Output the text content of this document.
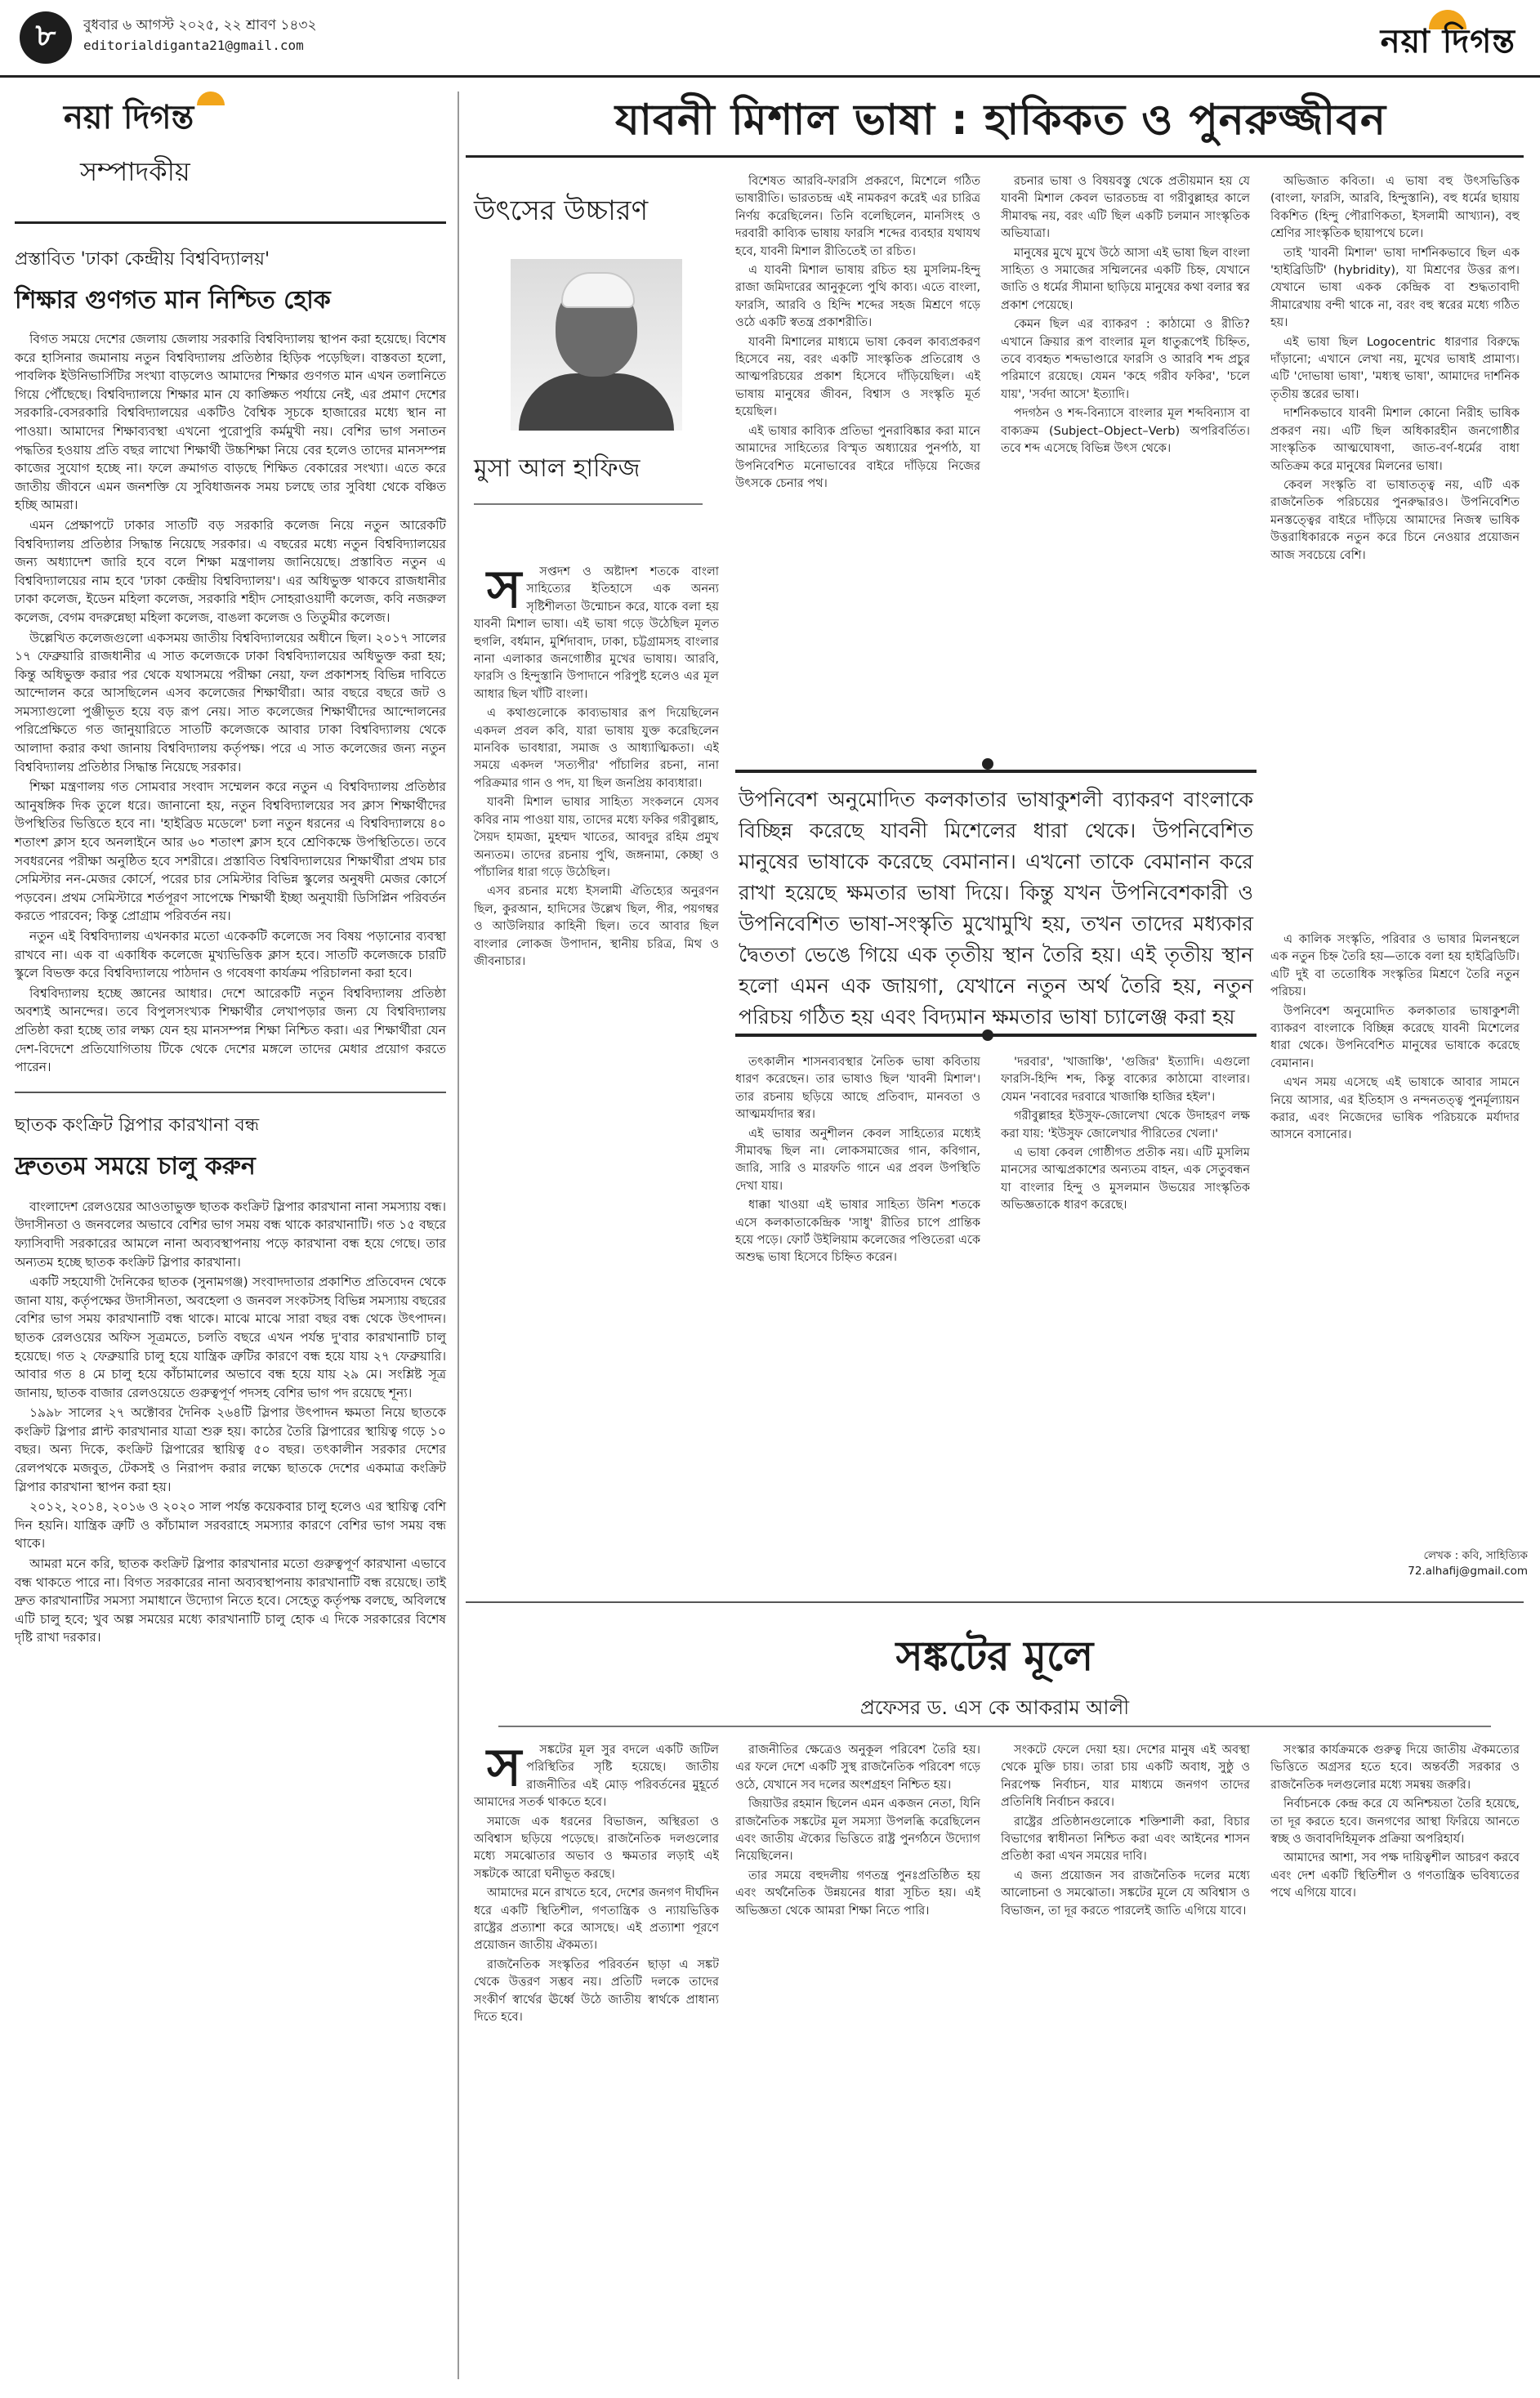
৮	বুধবার ৬ আগস্ট ২০২৫, ২২ শ্রাবণ ১৪৩২
editorialdiganta21@gmail.com	নয়া দিগন্ত
নয়া দিগন্ত
সম্পাদকীয়
প্রস্তাবিত 'ঢাকা কেন্দ্রীয় বিশ্ববিদ্যালয়'
শিক্ষার গুণগত মান নিশ্চিত হোক

বিগত সময়ে দেশের জেলায় জেলায় সরকারি বিশ্ববিদ্যালয় স্থাপন করা হয়েছে। বিশেষ করে হাসিনার জমানায় নতুন বিশ্ববিদ্যালয় প্রতিষ্ঠার হিড়িক পড়েছিল। বাস্তবতা হলো, পাবলিক ইউনিভার্সিটির সংখ্যা বাড়লেও আমাদের শিক্ষার গুণগত মান এখন তলানিতে গিয়ে পৌঁছেছে। বিশ্ববিদ্যালয়ে শিক্ষার মান যে কাঙ্ক্ষিত পর্যায়ে নেই, এর প্রমাণ দেশের সরকারি-বেসরকারি বিশ্ববিদ্যালয়ের একটিও বৈশ্বিক সূচকে হাজারের মধ্যে স্থান না পাওয়া। আমাদের শিক্ষাব্যবস্থা এখনো পুরোপুরি কর্মমুখী নয়। বেশির ভাগ সনাতন পদ্ধতির হওয়ায় প্রতি বছর লাখো শিক্ষার্থী উচ্চশিক্ষা নিয়ে বের হলেও তাদের মানসম্পন্ন কাজের সুযোগ হচ্ছে না। ফলে ক্রমাগত বাড়ছে শিক্ষিত বেকারের সংখ্যা। এতে করে জাতীয় জীবনে এমন জনশক্তি যে সুবিধাজনক সময় চলছে তার সুবিধা থেকে বঞ্চিত হচ্ছি আমরা।

এমন প্রেক্ষাপটে ঢাকার সাতটি বড় সরকারি কলেজ নিয়ে নতুন আরেকটি বিশ্ববিদ্যালয় প্রতিষ্ঠার সিদ্ধান্ত নিয়েছে সরকার। এ বছরের মধ্যে নতুন বিশ্ববিদ্যালয়ের জন্য অধ্যাদেশ জারি হবে বলে শিক্ষা মন্ত্রণালয় জানিয়েছে। প্রস্তাবিত নতুন এ বিশ্ববিদ্যালয়ের নাম হবে 'ঢাকা কেন্দ্রীয় বিশ্ববিদ্যালয়'। এর অধিভুক্ত থাকবে রাজধানীর ঢাকা কলেজ, ইডেন মহিলা কলেজ, সরকারি শহীদ সোহরাওয়ার্দী কলেজ, কবি নজরুল কলেজ, বেগম বদরুন্নেছা মহিলা কলেজ, বাঙলা কলেজ ও তিতুমীর কলেজ।

উল্লেখিত কলেজগুলো একসময় জাতীয় বিশ্ববিদ্যালয়ের অধীনে ছিল। ২০১৭ সালের ১৭ ফেব্রুয়ারি রাজধানীর এ সাত কলেজকে ঢাকা বিশ্ববিদ্যালয়ের অধিভুক্ত করা হয়; কিন্তু অধিভুক্ত করার পর থেকে যথাসময়ে পরীক্ষা নেয়া, ফল প্রকাশসহ বিভিন্ন দাবিতে আন্দোলন করে আসছিলেন এসব কলেজের শিক্ষার্থীরা। আর বছরে বছরে জট ও সমস্যাগুলো পুঞ্জীভূত হয়ে বড় রূপ নেয়। সাত কলেজের শিক্ষার্থীদের আন্দোলনের পরিপ্রেক্ষিতে গত জানুয়ারিতে সাতটি কলেজকে আবার ঢাকা বিশ্ববিদ্যালয় থেকে আলাদা করার কথা জানায় বিশ্ববিদ্যালয় কর্তৃপক্ষ। পরে এ সাত কলেজের জন্য নতুন বিশ্ববিদ্যালয় প্রতিষ্ঠার সিদ্ধান্ত নিয়েছে সরকার।

শিক্ষা মন্ত্রণালয় গত সোমবার সংবাদ সম্মেলন করে নতুন এ বিশ্ববিদ্যালয় প্রতিষ্ঠার আনুষঙ্গিক দিক তুলে ধরে। জানানো হয়, নতুন বিশ্ববিদ্যালয়ের সব ক্লাস শিক্ষার্থীদের উপস্থিতির ভিত্তিতে হবে না। 'হাইব্রিড মডেলে' চলা নতুন ধরনের এ বিশ্ববিদ্যালয়ে ৪০ শতাংশ ক্লাস হবে অনলাইনে আর ৬০ শতাংশ ক্লাস হবে শ্রেণিকক্ষে উপস্থিতিতে। তবে সবধরনের পরীক্ষা অনুষ্ঠিত হবে সশরীরে। প্রস্তাবিত বিশ্ববিদ্যালয়ের শিক্ষার্থীরা প্রথম চার সেমিস্টার নন-মেজর কোর্সে, পরের চার সেমিস্টার বিভিন্ন স্কুলের অনুষদী মেজর কোর্সে পড়বেন। প্রথম সেমিস্টারে শর্তপূরণ সাপেক্ষে শিক্ষার্থী ইচ্ছা অনুযায়ী ডিসিপ্লিন পরিবর্তন করতে পারবেন; কিন্তু প্রোগ্রাম পরিবর্তন নয়।

নতুন এই বিশ্ববিদ্যালয় এখনকার মতো একেকটি কলেজে সব বিষয় পড়ানোর ব্যবস্থা রাখবে না। এক বা একাধিক কলেজে মুখ্যভিত্তিক ক্লাস হবে। সাতটি কলেজকে চারটি স্কুলে বিভক্ত করে বিশ্ববিদ্যালয়ে পাঠদান ও গবেষণা কার্যক্রম পরিচালনা করা হবে।

বিশ্ববিদ্যালয় হচ্ছে জ্ঞানের আধার। দেশে আরেকটি নতুন বিশ্ববিদ্যালয় প্রতিষ্ঠা অবশ্যই আনন্দের। তবে বিপুলসংখ্যক শিক্ষার্থীর লেখাপড়ার জন্য যে বিশ্ববিদ্যালয় প্রতিষ্ঠা করা হচ্ছে তার লক্ষ্য যেন হয় মানসম্পন্ন শিক্ষা নিশ্চিত করা। এর শিক্ষার্থীরা যেন দেশ-বিদেশে প্রতিযোগিতায় টিকে থেকে দেশের মঙ্গলে তাদের মেধার প্রয়োগ করতে পারেন।

ছাতক কংক্রিট স্লিপার কারখানা বন্ধ
দ্রুততম সময়ে চালু করুন

বাংলাদেশ রেলওয়ের আওতাভুক্ত ছাতক কংক্রিট স্লিপার কারখানা নানা সমস্যায় বন্ধ। উদাসীনতা ও জনবলের অভাবে বেশির ভাগ সময় বন্ধ থাকে কারখানাটি। গত ১৫ বছরে ফ্যাসিবাদী সরকারের আমলে নানা অব্যবস্থাপনায় পড়ে কারখানা বন্ধ হয়ে গেছে। তার অন্যতম হচ্ছে ছাতক কংক্রিট স্লিপার কারখানা।

একটি সহযোগী দৈনিকের ছাতক (সুনামগঞ্জ) সংবাদদাতার প্রকাশিত প্রতিবেদন থেকে জানা যায়, কর্তৃপক্ষের উদাসীনতা, অবহেলা ও জনবল সংকটসহ বিভিন্ন সমস্যায় বছরের বেশির ভাগ সময় কারখানাটি বন্ধ থাকে। মাঝে মাঝে সারা বছর বন্ধ থেকে উৎপাদন। ছাতক রেলওয়ের অফিস সূত্রমতে, চলতি বছরে এখন পর্যন্ত দু'বার কারখানাটি চালু হয়েছে। গত ২ ফেব্রুয়ারি চালু হয়ে যান্ত্রিক ত্রুটির কারণে বন্ধ হয়ে যায় ২৭ ফেব্রুয়ারি। আবার গত ৪ মে চালু হয়ে কাঁচামালের অভাবে বন্ধ হয়ে যায় ২৯ মে। সংশ্লিষ্ট সূত্র জানায়, ছাতক বাজার রেলওয়েতে গুরুত্বপূর্ণ পদসহ বেশির ভাগ পদ রয়েছে শূন্য।

১৯৯৮ সালের ২৭ অক্টোবর দৈনিক ২৬৪টি স্লিপার উৎপাদন ক্ষমতা নিয়ে ছাতকে কংক্রিট স্লিপার প্লান্ট কারখানার যাত্রা শুরু হয়। কাঠের তৈরি স্লিপারের স্থায়িত্ব গড়ে ১০ বছর। অন্য দিকে, কংক্রিট স্লিপারের স্থায়িত্ব ৫০ বছর। তৎকালীন সরকার দেশের রেলপথকে মজবুত, টেকসই ও নিরাপদ করার লক্ষ্যে ছাতকে দেশের একমাত্র কংক্রিট স্লিপার কারখানা স্থাপন করা হয়।

২০১২, ২০১৪, ২০১৬ ও ২০২০ সাল পর্যন্ত কয়েকবার চালু হলেও এর স্থায়িত্ব বেশি দিন হয়নি। যান্ত্রিক ত্রুটি ও কাঁচামাল সরবরাহে সমস্যার কারণে বেশির ভাগ সময় বন্ধ থাকে।

আমরা মনে করি, ছাতক কংক্রিট স্লিপার কারখানার মতো গুরুত্বপূর্ণ কারখানা এভাবে বন্ধ থাকতে পারে না। বিগত সরকারের নানা অব্যবস্থাপনায় কারখানাটি বন্ধ রয়েছে। তাই দ্রুত কারখানাটির সমস্যা সমাধানে উদ্যোগ নিতে হবে। সেহেতু কর্তৃপক্ষ বলছে, অবিলম্বে এটি চালু হবে; খুব অল্প সময়ের মধ্যে কারখানাটি চালু হোক এ দিকে সরকারের বিশেষ দৃষ্টি রাখা দরকার।

যাবনী মিশাল ভাষা : হাকিকত ও পুনরুজ্জীবন
উৎসের উচ্চারণ
মুসা আল হাফিজ

স সপ্তদশ ও অষ্টাদশ শতকে বাংলা সাহিত্যের ইতিহাসে এক অনন্য সৃষ্টিশীলতা উন্মোচন করে, যাকে বলা হয় যাবনী মিশাল ভাষা। এই ভাষা গড়ে উঠেছিল মূলত হুগলি, বর্ধমান, মুর্শিদাবাদ, ঢাকা, চট্টগ্রামসহ বাংলার নানা এলাকার জনগোষ্ঠীর মুখের ভাষায়। আরবি, ফারসি ও হিন্দুস্তানি উপাদানে পরিপুষ্ট হলেও এর মূল আধার ছিল খাঁটি বাংলা।

এ কথাগুলোকে কাব্যভাষার রূপ দিয়েছিলেন একদল প্রবল কবি, যারা ভাষায় যুক্ত করেছিলেন মানবিক ভাবধারা, সমাজ ও আধ্যাত্মিকতা। এই সময়ে একদল 'সত্যপীর' পাঁচালির রচনা, নানা পরিক্রমার গান ও পদ, যা ছিল জনপ্রিয় কাব্যধারা।

যাবনী মিশাল ভাষার সাহিত্য সংকলনে যেসব কবির নাম পাওয়া যায়, তাদের মধ্যে ফকির গরীবুল্লাহ, সৈয়দ হামজা, মুহম্মদ খাতের, আবদুর রহিম প্রমুখ অন্যতম। তাদের রচনায় পুথি, জঙ্গনামা, কেচ্ছা ও পাঁচালির ধারা গড়ে উঠেছিল।

এসব রচনার মধ্যে ইসলামী ঐতিহ্যের অনুরণন ছিল, কুরআন, হাদিসের উল্লেখ ছিল, পীর, পয়গম্বর ও আউলিয়ার কাহিনী ছিল। তবে আবার ছিল বাংলার লোকজ উপাদান, স্থানীয় চরিত্র, মিথ ও জীবনাচার।

বিশেষত আরবি-ফারসি প্রকরণে, মিশেলে গঠিত ভাষারীতি। ভারতচন্দ্র এই নামকরণ করেই এর চারিত্র নির্ণয় করেছিলেন। তিনি বলেছিলেন, মানসিংহ ও দরবারী কাব্যিক ভাষায় ফারসি শব্দের ব্যবহার যথাযথ হবে, যাবনী মিশাল রীতিতেই তা রচিত।

এ যাবনী মিশাল ভাষায় রচিত হয় মুসলিম-হিন্দু রাজা জমিদারের আনুকূল্যে পুথি কাব্য। এতে বাংলা, ফারসি, আরবি ও হিন্দি শব্দের সহজ মিশ্রণে গড়ে ওঠে একটি স্বতন্ত্র প্রকাশরীতি।

যাবনী মিশালের মাধ্যমে ভাষা কেবল কাব্যপ্রকরণ হিসেবে নয়, বরং একটি সাংস্কৃতিক প্রতিরোধ ও আত্মপরিচয়ের প্রকাশ হিসেবে দাঁড়িয়েছিল। এই ভাষায় মানুষের জীবন, বিশ্বাস ও সংস্কৃতি মূর্ত হয়েছিল।

এই ভাষার কাব্যিক প্রতিভা পুনরাবিষ্কার করা মানে আমাদের সাহিত্যের বিস্মৃত অধ্যায়ের পুনর্পাঠ, যা উপনিবেশিত মনোভাবের বাইরে দাঁড়িয়ে নিজের উৎসকে চেনার পথ।

রচনার ভাষা ও বিষয়বস্তু থেকে প্রতীয়মান হয় যে যাবনী মিশাল কেবল ভারতচন্দ্র বা গরীবুল্লাহর কালে সীমাবদ্ধ নয়, বরং এটি ছিল একটি চলমান সাংস্কৃতিক অভিযাত্রা।

মানুষের মুখে মুখে উঠে আসা এই ভাষা ছিল বাংলা সাহিত্য ও সমাজের সম্মিলনের একটি চিহ্ন, যেখানে জাতি ও ধর্মের সীমানা ছাড়িয়ে মানুষের কথা বলার স্বর প্রকাশ পেয়েছে।

কেমন ছিল এর ব্যাকরণ : কাঠামো ও রীতি? এখানে ক্রিয়ার রূপ বাংলার মূল ধাতুরূপেই চিহ্নিত, তবে ব্যবহৃত শব্দভাণ্ডারে ফারসি ও আরবি শব্দ প্রচুর পরিমাণে রয়েছে। যেমন 'কহে গরীব ফকির', 'চলে যায়', 'সর্বদা আসে' ইত্যাদি।

পদগঠন ও শব্দ-বিন্যাসে বাংলার মূল শব্দবিন্যাস বা বাক্যক্রম (Subject–Object–Verb) অপরিবর্তিত। তবে শব্দ এসেছে বিভিন্ন উৎস থেকে।

উপনিবেশ অনুমোদিত কলকাতার ভাষাকুশলী ব্যাকরণ বাংলাকে বিচ্ছিন্ন করেছে যাবনী মিশেলের ধারা থেকে। উপনিবেশিত মানুষের ভাষাকে করেছে বেমানান। এখনো তাকে বেমানান করে রাখা হয়েছে ক্ষমতার ভাষা দিয়ে। কিন্তু যখন উপনিবেশকারী ও উপনিবেশিত ভাষা-সংস্কৃতি মুখোমুখি হয়, তখন তাদের মধ্যকার দ্বৈততা ভেঙে গিয়ে এক তৃতীয় স্থান তৈরি হয়। এই তৃতীয় স্থান হলো এমন এক জায়গা, যেখানে নতুন অর্থ তৈরি হয়, নতুন পরিচয় গঠিত হয় এবং বিদ্যমান ক্ষমতার ভাষা চ্যালেঞ্জ করা হয়

তৎকালীন শাসনব্যবস্থার নৈতিক ভাষা কবিতায় ধারণ করেছেন। তার ভাষাও ছিল 'যাবনী মিশাল'। তার রচনায় ছড়িয়ে আছে প্রতিবাদ, মানবতা ও আত্মমর্যাদার স্বর।

এই ভাষার অনুশীলন কেবল সাহিত্যের মধ্যেই সীমাবদ্ধ ছিল না। লোকসমাজের গান, কবিগান, জারি, সারি ও মারফতি গানে এর প্রবল উপস্থিতি দেখা যায়।

ধাক্কা খাওয়া এই ভাষার সাহিত্য উনিশ শতকে এসে কলকাতাকেন্দ্রিক 'সাধু' রীতির চাপে প্রান্তিক হয়ে পড়ে। ফোর্ট উইলিয়াম কলেজের পণ্ডিতেরা একে অশুদ্ধ ভাষা হিসেবে চিহ্নিত করেন।

'দরবার', 'খাজাঞ্চি', 'গুজির' ইত্যাদি। এগুলো ফারসি-হিন্দি শব্দ, কিন্তু বাক্যের কাঠামো বাংলার। যেমন 'নবাবের দরবারে খাজাঞ্চি হাজির হইল'।

গরীবুল্লাহর ইউসুফ-জোলেখা থেকে উদাহরণ লক্ষ করা যায়: 'ইউসুফ জোলেখার পীরিতের খেলা।'

এ ভাষা কেবল গোষ্ঠীগত প্রতীক নয়। এটি মুসলিম মানসের আত্মপ্রকাশের অন্যতম বাহন, এক সেতুবন্ধন যা বাংলার হিন্দু ও মুসলমান উভয়ের সাংস্কৃতিক অভিজ্ঞতাকে ধারণ করেছে।

অভিজাত কবিতা। এ ভাষা বহু উৎসভিত্তিক (বাংলা, ফারসি, আরবি, হিন্দুস্তানি), বহু ধর্মের ছায়ায় বিকশিত (হিন্দু পৌরাণিকতা, ইসলামী আখ্যান), বহু শ্রেণির সাংস্কৃতিক ছায়াপথে চলে।

তাই 'যাবনী মিশাল' ভাষা দার্শনিকভাবে ছিল এক 'হাইব্রিডিটি' (hybridity), যা মিশ্রণের উত্তর রূপ। যেখানে ভাষা একক কেন্দ্রিক বা শুদ্ধতাবাদী সীমারেখায় বন্দী থাকে না, বরং বহু স্বরের মধ্যে গঠিত হয়।

এই ভাষা ছিল Logocentric ধারণার বিরুদ্ধে দাঁড়ানো; এখানে লেখা নয়, মুখের ভাষাই প্রামাণ্য। এটি 'দোভাষা ভাষা', 'মধ্যস্থ ভাষা', আমাদের দার্শনিক তৃতীয় স্তরের ভাষা।

দার্শনিকভাবে যাবনী মিশাল কোনো নিরীহ ভাষিক প্রকরণ নয়। এটি ছিল অধিকারহীন জনগোষ্ঠীর সাংস্কৃতিক আত্মঘোষণা, জাত-বর্ণ-ধর্মের বাধা অতিক্রম করে মানুষের মিলনের ভাষা।

কেবল সংস্কৃতি বা ভাষাতত্ত্ব নয়, এটি এক রাজনৈতিক পরিচয়ের পুনরুদ্ধারও। উপনিবেশিত মনস্তত্ত্বের বাইরে দাঁড়িয়ে আমাদের নিজস্ব ভাষিক উত্তরাধিকারকে নতুন করে চিনে নেওয়ার প্রয়োজন আজ সবচেয়ে বেশি।

এ কালিক সংস্কৃতি, পরিবার ও ভাষার মিলনস্থলে এক নতুন চিহ্ন তৈরি হয়—তাকে বলা হয় হাইব্রিডিটি। এটি দুই বা ততোধিক সংস্কৃতির মিশ্রণে তৈরি নতুন পরিচয়।

উপনিবেশ অনুমোদিত কলকাতার ভাষাকুশলী ব্যাকরণ বাংলাকে বিচ্ছিন্ন করেছে যাবনী মিশেলের ধারা থেকে। উপনিবেশিত মানুষের ভাষাকে করেছে বেমানান।

এখন সময় এসেছে এই ভাষাকে আবার সামনে নিয়ে আসার, এর ইতিহাস ও নন্দনতত্ত্ব পুনর্মূল্যায়ন করার, এবং নিজেদের ভাষিক পরিচয়কে মর্যাদার আসনে বসানোর।

লেখক : কবি, সাহিত্যিক
72.alhafij@gmail.com
সঙ্কটের মূলে
প্রফেসর ড. এস কে আকরাম আলী

স সঙ্কটের মূল সুর বদলে একটি জটিল পরিস্থিতির সৃষ্টি হয়েছে। জাতীয় রাজনীতির এই মোড় পরিবর্তনের মুহূর্তে আমাদের সতর্ক থাকতে হবে।

সমাজে এক ধরনের বিভাজন, অস্থিরতা ও অবিশ্বাস ছড়িয়ে পড়েছে। রাজনৈতিক দলগুলোর মধ্যে সমঝোতার অভাব ও ক্ষমতার লড়াই এই সঙ্কটকে আরো ঘনীভূত করছে।

আমাদের মনে রাখতে হবে, দেশের জনগণ দীর্ঘদিন ধরে একটি স্থিতিশীল, গণতান্ত্রিক ও ন্যায়ভিত্তিক রাষ্ট্রের প্রত্যাশা করে আসছে। এই প্রত্যাশা পূরণে প্রয়োজন জাতীয় ঐকমত্য।

রাজনৈতিক সংস্কৃতির পরিবর্তন ছাড়া এ সঙ্কট থেকে উত্তরণ সম্ভব নয়। প্রতিটি দলকে তাদের সংকীর্ণ স্বার্থের ঊর্ধ্বে উঠে জাতীয় স্বার্থকে প্রাধান্য দিতে হবে।

রাজনীতির ক্ষেত্রেও অনুকূল পরিবেশ তৈরি হয়। এর ফলে দেশে একটি সুস্থ রাজনৈতিক পরিবেশ গড়ে ওঠে, যেখানে সব দলের অংশগ্রহণ নিশ্চিত হয়।

জিয়াউর রহমান ছিলেন এমন একজন নেতা, যিনি রাজনৈতিক সঙ্কটের মূল সমস্যা উপলব্ধি করেছিলেন এবং জাতীয় ঐক্যের ভিত্তিতে রাষ্ট্র পুনর্গঠনে উদ্যোগ নিয়েছিলেন।

তার সময়ে বহুদলীয় গণতন্ত্র পুনঃপ্রতিষ্ঠিত হয় এবং অর্থনৈতিক উন্নয়নের ধারা সূচিত হয়। এই অভিজ্ঞতা থেকে আমরা শিক্ষা নিতে পারি।

সংকটে ফেলে দেয়া হয়। দেশের মানুষ এই অবস্থা থেকে মুক্তি চায়। তারা চায় একটি অবাধ, সুষ্ঠু ও নিরপেক্ষ নির্বাচন, যার মাধ্যমে জনগণ তাদের প্রতিনিধি নির্বাচন করবে।

রাষ্ট্রের প্রতিষ্ঠানগুলোকে শক্তিশালী করা, বিচার বিভাগের স্বাধীনতা নিশ্চিত করা এবং আইনের শাসন প্রতিষ্ঠা করা এখন সময়ের দাবি।

এ জন্য প্রয়োজন সব রাজনৈতিক দলের মধ্যে আলোচনা ও সমঝোতা। সঙ্কটের মূলে যে অবিশ্বাস ও বিভাজন, তা দূর করতে পারলেই জাতি এগিয়ে যাবে।

সংস্কার কার্যক্রমকে গুরুত্ব দিয়ে জাতীয় ঐকমত্যের ভিত্তিতে অগ্রসর হতে হবে। অন্তর্বর্তী সরকার ও রাজনৈতিক দলগুলোর মধ্যে সমন্বয় জরুরি।

নির্বাচনকে কেন্দ্র করে যে অনিশ্চয়তা তৈরি হয়েছে, তা দূর করতে হবে। জনগণের আস্থা ফিরিয়ে আনতে স্বচ্ছ ও জবাবদিহিমূলক প্রক্রিয়া অপরিহার্য।

আমাদের আশা, সব পক্ষ দায়িত্বশীল আচরণ করবে এবং দেশ একটি স্থিতিশীল ও গণতান্ত্রিক ভবিষ্যতের পথে এগিয়ে যাবে।
